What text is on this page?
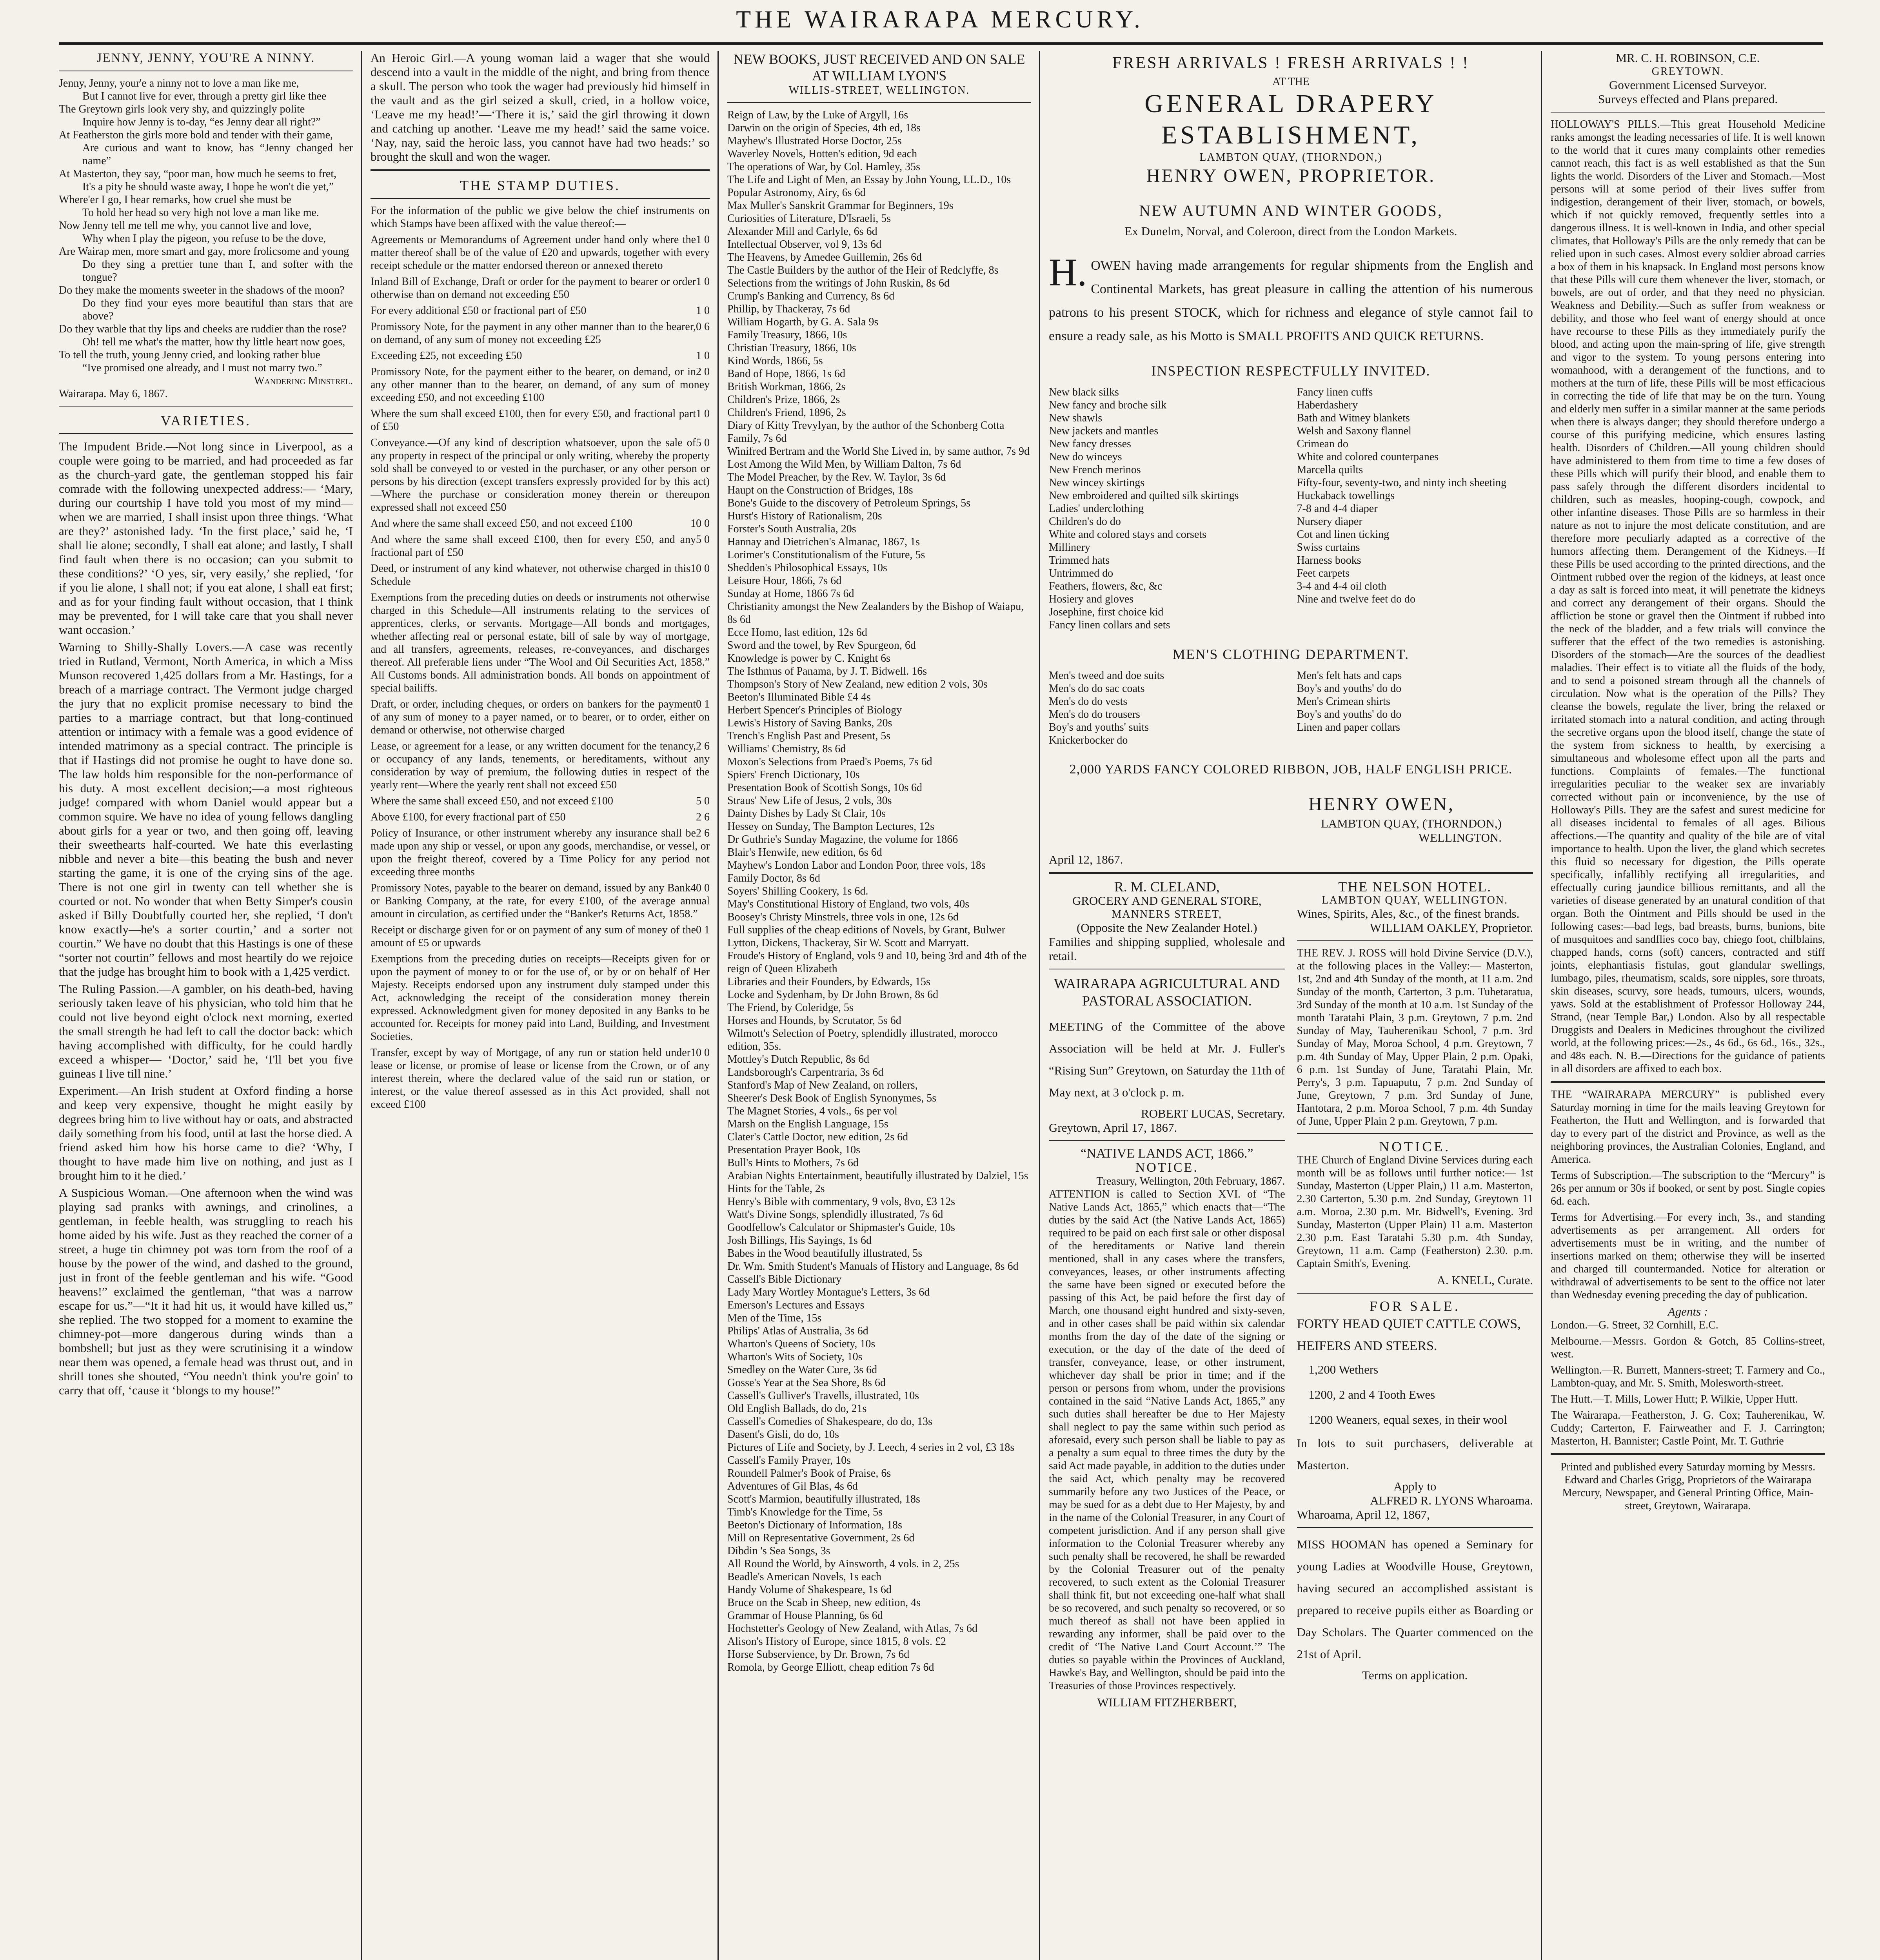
THE WAIRARAPA MERCURY.
JENNY, JENNY, YOU'RE A NINNY.

Jenny, Jenny, your'e a ninny not to love a man like me,

But I cannot live for ever, through a pretty girl like thee

The Greytown girls look very shy, and quizzingly polite

Inquire how Jenny is to-day, “es Jenny dear all right?”

At Featherston the girls more bold and tender with their game,

Are curious and want to know, has “Jenny changed her name”

At Masterton, they say, “poor man, how much he seems to fret,

It's a pity he should waste away, I hope he won't die yet,”

Where'er I go, I hear remarks, how cruel she must be

To hold her head so very high not love a man like me.

Now Jenny tell me tell me why, you cannot live and love,

Why when I play the pigeon, you refuse to be the dove,

Are Wairap men, more smart and gay, more frolicsome and young

Do they sing a prettier tune than I, and softer with the tongue?

Do they make the moments sweeter in the shadows of the moon?

Do they find your eyes more beautiful than stars that are above?

Do they warble that thy lips and cheeks are ruddier than the rose?

Oh! tell me what's the matter, how thy little heart now goes,

To tell the truth, young Jenny cried, and looking rather blue

“Ive promised one already, and I must not marry two.”

Wandering Minstrel.
Wairarapa. May 6, 1867.
VARIETIES.

The Impudent Bride.—Not long since in Liverpool, as a couple were going to be married, and had proceeded as far as the church-yard gate, the gentleman stopped his fair comrade with the following unexpected address:— ‘Mary, during our courtship I have told you most of my mind—when we are married, I shall insist upon three things. ‘What are they?’ astonished lady. ‘In the first place,’ said he, ‘I shall lie alone; secondly, I shall eat alone; and lastly, I shall find fault when there is no occasion; can you submit to these conditions?’ ‘O yes, sir, very easily,’ she replied, ‘for if you lie alone, I shall not; if you eat alone, I shall eat first; and as for your finding fault without occasion, that I think may be prevented, for I will take care that you shall never want occasion.’

Warning to Shilly-Shally Lovers.—A case was recently tried in Rutland, Vermont, North America, in which a Miss Munson recovered 1,425 dollars from a Mr. Hastings, for a breach of a marriage contract. The Vermont judge charged the jury that no explicit promise necessary to bind the parties to a marriage contract, but that long-continued attention or intimacy with a female was a good evidence of intended matrimony as a special contract. The principle is that if Hastings did not promise he ought to have done so. The law holds him responsible for the non-performance of his duty. A most excellent decision;—a most righteous judge! compared with whom Daniel would appear but a common squire. We have no idea of young fellows dangling about girls for a year or two, and then going off, leaving their sweethearts half-courted. We hate this everlasting nibble and never a bite—this beating the bush and never starting the game, it is one of the crying sins of the age. There is not one girl in twenty can tell whether she is courted or not. No wonder that when Betty Simper's cousin asked if Billy Doubtfully courted her, she replied, ‘I don't know exactly—he's a sorter courtin,’ and a sorter not courtin.” We have no doubt that this Hastings is one of these “sorter not courtin” fellows and most heartily do we rejoice that the judge has brought him to book with a 1,425 verdict.

The Ruling Passion.—A gambler, on his death-bed, having seriously taken leave of his physician, who told him that he could not live beyond eight o'clock next morning, exerted the small strength he had left to call the doctor back: which having accomplished with difficulty, for he could hardly exceed a whisper— ‘Doctor,’ said he, ‘I'll bet you five guineas I live till nine.’

Experiment.—An Irish student at Oxford finding a horse and keep very expensive, thought he might easily by degrees bring him to live without hay or oats, and abstracted daily something from his food, until at last the horse died. A friend asked him how his horse came to die? ‘Why, I thought to have made him live on nothing, and just as I brought him to it he died.’

A Suspicious Woman.—One afternoon when the wind was playing sad pranks with awnings, and crinolines, a gentleman, in feeble health, was struggling to reach his home aided by his wife. Just as they reached the corner of a street, a huge tin chimney pot was torn from the roof of a house by the power of the wind, and dashed to the ground, just in front of the feeble gentleman and his wife. “Good heavens!” exclaimed the gentleman, “that was a narrow escape for us.”—“It it had hit us, it would have killed us,” she replied. The two stopped for a moment to examine the chimney-pot—more dangerous during winds than a bombshell; but just as they were scrutinising it a window near them was opened, a female head was thrust out, and in shrill tones she shouted, “You needn't think you're goin' to carry that off, ‘cause it ‘blongs to my house!”

An Heroic Girl.—A young woman laid a wager that she would descend into a vault in the middle of the night, and bring from thence a skull. The person who took the wager had previously hid himself in the vault and as the girl seized a skull, cried, in a hollow voice, ‘Leave me my head!’—‘There it is,’ said the girl throwing it down and catching up another. ‘Leave me my head!’ said the same voice. ‘Nay, nay, said the heroic lass, you cannot have had two heads:’ so brought the skull and won the wager.

THE STAMP DUTIES.

For the information of the public we give below the chief instruments on which Stamps have been affixed with the value thereof:—

1 0
Agreements or Memorandums of Agreement under hand only where the matter thereof shall be of the value of £20 and upwards, together with every receipt schedule or the matter endorsed thereon or annexed thereto

1 0
Inland Bill of Exchange, Draft or order for the payment to bearer or order otherwise than on demand not exceeding £50

1 0
For every additional £50 or fractional part of £50

0 6
Promissory Note, for the payment in any other manner than to the bearer, on demand, of any sum of money not exceeding £25

1 0
Exceeding £25, not exceeding £50

2 0
Promissory Note, for the payment either to the bearer, on demand, or in any other manner than to the bearer, on demand, of any sum of money exceeding £50, and not exceeding £100

1 0
Where the sum shall exceed £100, then for every £50, and fractional part of £50

5 0
Conveyance.—Of any kind of description whatsoever, upon the sale of any property in respect of the principal or only writing, whereby the property sold shall be conveyed to or vested in the purchaser, or any other person or persons by his direction (except transfers expressly provided for by this act)—Where the purchase or consideration money therein or thereupon expressed shall not exceed £50

10 0
And where the same shall exceed £50, and not exceed £100

5 0
And where the same shall exceed £100, then for every £50, and any fractional part of £50

10 0
Deed, or instrument of any kind whatever, not otherwise charged in this Schedule

Exemptions from the preceding duties on deeds or instruments not otherwise charged in this Schedule—All instruments relating to the services of apprentices, clerks, or servants. Mortgage—All bonds and mortgages, whether affecting real or personal estate, bill of sale by way of mortgage, and all transfers, agreements, releases, re-conveyances, and discharges thereof. All preferable liens under “The Wool and Oil Securities Act, 1858.” All Customs bonds. All administration bonds. All bonds on appointment of special bailiffs.

0 1
Draft, or order, including cheques, or orders on bankers for the payment of any sum of money to a payer named, or to bearer, or to order, either on demand or otherwise, not otherwise charged

2 6
Lease, or agreement for a lease, or any written document for the tenancy, or occupancy of any lands, tenements, or hereditaments, without any consideration by way of premium, the following duties in respect of the yearly rent—Where the yearly rent shall not exceed £50

5 0
Where the same shall exceed £50, and not exceed £100

2 6
Above £100, for every fractional part of £50

2 6
Policy of Insurance, or other instrument whereby any insurance shall be made upon any ship or vessel, or upon any goods, merchandise, or vessel, or upon the freight thereof, covered by a Time Policy for any period not exceeding three months

40 0
Promissory Notes, payable to the bearer on demand, issued by any Bank or Banking Company, at the rate, for every £100, of the average annual amount in circulation, as certified under the “Banker's Returns Act, 1858.”

0 1
Receipt or discharge given for or on payment of any sum of money of the amount of £5 or upwards

Exemptions from the preceding duties on receipts—Receipts given for or upon the payment of money to or for the use of, or by or on behalf of Her Majesty. Receipts endorsed upon any instrument duly stamped under this Act, acknowledging the receipt of the consideration money therein expressed. Acknowledgment given for money deposited in any Banks to be accounted for. Receipts for money paid into Land, Building, and Investment Societies.

10 0
Transfer, except by way of Mortgage, of any run or station held under lease or license, or promise of lease or license from the Crown, or of any interest therein, where the declared value of the said run or station, or interest, or the value thereof assessed as in this Act provided, shall not exceed £100

NEW BOOKS, JUST RECEIVED AND ON SALE AT WILLIAM LYON'S
WILLIS-STREET, WELLINGTON.

Reign of Law, by the Luke of Argyll, 16s

Darwin on the origin of Species, 4th ed, 18s

Mayhew's Illustrated Horse Doctor, 25s

Waverley Novels, Hotten's edition, 9d each

The operations of War, by Col. Hamley, 35s

The Life and Light of Men, an Essay by John Young, LL.D., 10s

Popular Astronomy, Airy, 6s 6d

Max Muller's Sanskrit Grammar for Beginners, 19s

Curiosities of Literature, D'Israeli, 5s

Alexander Mill and Carlyle, 6s 6d

Intellectual Observer, vol 9, 13s 6d

The Heavens, by Amedee Guillemin, 26s 6d

The Castle Builders by the author of the Heir of Redclyffe, 8s

Selections from the writings of John Ruskin, 8s 6d

Crump's Banking and Currency, 8s 6d

Phillip, by Thackeray, 7s 6d

William Hogarth, by G. A. Sala 9s

Family Treasury, 1866, 10s

Christian Treasury, 1866, 10s

Kind Words, 1866, 5s

Band of Hope, 1866, 1s 6d

British Workman, 1866, 2s

Children's Prize, 1866, 2s

Children's Friend, 1896, 2s

Diary of Kitty Trevylyan, by the author of the Schonberg Cotta Family, 7s 6d

Winifred Bertram and the World She Lived in, by same author, 7s 9d

Lost Among the Wild Men, by William Dalton, 7s 6d

The Model Preacher, by the Rev. W. Taylor, 3s 6d

Haupt on the Construction of Bridges, 18s

Bone's Guide to the discovery of Petroleum Springs, 5s

Hurst's History of Rationalism, 20s

Forster's South Australia, 20s

Hannay and Dietrichen's Almanac, 1867, 1s

Lorimer's Constitutionalism of the Future, 5s

Shedden's Philosophical Essays, 10s

Leisure Hour, 1866, 7s 6d

Sunday at Home, 1866 7s 6d

Christianity amongst the New Zealanders by the Bishop of Waiapu, 8s 6d

Ecce Homo, last edition, 12s 6d

Sword and the towel, by Rev Spurgeon, 6d

Knowledge is power by C. Knight 6s

The Isthmus of Panama, by J. T. Bidwell. 16s

Thompson's Story of New Zealand, new edition 2 vols, 30s

Beeton's Illuminated Bible £4 4s

Herbert Spencer's Principles of Biology

Lewis's History of Saving Banks, 20s

Trench's English Past and Present, 5s

Williams' Chemistry, 8s 6d

Moxon's Selections from Praed's Poems, 7s 6d

Spiers' French Dictionary, 10s

Presentation Book of Scottish Songs, 10s 6d

Straus' New Life of Jesus, 2 vols, 30s

Dainty Dishes by Lady St Clair, 10s

Hessey on Sunday, The Bampton Lectures, 12s

Dr Guthrie's Sunday Magazine, the volume for 1866

Blair's Henwife, new edition, 6s 6d

Mayhew's London Labor and London Poor, three vols, 18s

Family Doctor, 8s 6d

Soyers' Shilling Cookery, 1s 6d.

May's Constitutional History of England, two vols, 40s

Boosey's Christy Minstrels, three vols in one, 12s 6d

Full supplies of the cheap editions of Novels, by Grant, Bulwer Lytton, Dickens, Thackeray, Sir W. Scott and Marryatt.

Froude's History of England, vols 9 and 10, being 3rd and 4th of the reign of Queen Elizabeth

Libraries and their Founders, by Edwards, 15s

Locke and Sydenham, by Dr John Brown, 8s 6d

The Friend, by Coleridge, 5s

Horses and Hounds, by Scrutator, 5s 6d

Wilmott's Selection of Poetry, splendidly illustrated, morocco edition, 35s.

Mottley's Dutch Republic, 8s 6d

Landsborough's Carpentraria, 3s 6d

Stanford's Map of New Zealand, on rollers,

Sheerer's Desk Book of English Synonymes, 5s

The Magnet Stories, 4 vols., 6s per vol

Marsh on the English Language, 15s

Clater's Cattle Doctor, new edition, 2s 6d

Presentation Prayer Book, 10s

Bull's Hints to Mothers, 7s 6d

Arabian Nights Entertainment, beautifully illustrated by Dalziel, 15s

Hints for the Table, 2s

Henry's Bible with commentary, 9 vols, 8vo, £3 12s

Watt's Divine Songs, splendidly illustrated, 7s 6d

Goodfellow's Calculator or Shipmaster's Guide, 10s

Josh Billings, His Sayings, 1s 6d

Babes in the Wood beautifully illustrated, 5s

Dr. Wm. Smith Student's Manuals of History and Language, 8s 6d

Cassell's Bible Dictionary

Lady Mary Wortley Montague's Letters, 3s 6d

Emerson's Lectures and Essays

Men of the Time, 15s

Philips' Atlas of Australia, 3s 6d

Wharton's Queens of Society, 10s

Wharton's Wits of Society, 10s

Smedley on the Water Cure, 3s 6d

Gosse's Year at the Sea Shore, 8s 6d

Cassell's Gulliver's Travells, illustrated, 10s

Old English Ballads, do do, 21s

Cassell's Comedies of Shakespeare, do do, 13s

Dasent's Gisli, do do, 10s

Pictures of Life and Society, by J. Leech, 4 series in 2 vol, £3 18s

Cassell's Family Prayer, 10s

Roundell Palmer's Book of Praise, 6s

Adventures of Gil Blas, 4s 6d

Scott's Marmion, beautifully illustrated, 18s

Timb's Knowledge for the Time, 5s

Beeton's Dictionary of Information, 18s

Mill on Representative Government, 2s 6d

Dibdin 's Sea Songs, 3s

All Round the World, by Ainsworth, 4 vols. in 2, 25s

Beadle's American Novels, 1s each

Handy Volume of Shakespeare, 1s 6d

Bruce on the Scab in Sheep, new edition, 4s

Grammar of House Planning, 6s 6d

Hochstetter's Geology of New Zealand, with Atlas, 7s 6d

Alison's History of Europe, since 1815, 8 vols. £2

Horse Subservience, by Dr. Brown, 7s 6d

Romola, by George Elliott, cheap edition 7s 6d

FRESH ARRIVALS ! FRESH ARRIVALS ! !
AT THE
GENERAL DRAPERY ESTABLISHMENT,
LAMBTON QUAY, (THORNDON,)
HENRY OWEN, PROPRIETOR.
NEW AUTUMN AND WINTER GOODS,
Ex Dunelm, Norval, and Coleroon, direct from the London Markets.

H. OWEN having made arrangements for regular shipments from the English and Continental Markets, has great pleasure in calling the attention of his numerous patrons to his present STOCK, which for richness and elegance of style cannot fail to ensure a ready sale, as his Motto is SMALL PROFITS AND QUICK RETURNS.

INSPECTION RESPECTFULLY INVITED.

New black silks

New fancy and broche silk

New shawls

New jackets and mantles

New fancy dresses

New do winceys

New French merinos

New wincey skirtings

New embroidered and quilted silk skirtings

Ladies' underclothing

Children's do do

White and colored stays and corsets

Millinery

Trimmed hats

Untrimmed do

Feathers, flowers, &c, &c

Hosiery and gloves

Josephine, first choice kid

Fancy linen collars and sets

Fancy linen cuffs

Haberdashery

Bath and Witney blankets

Welsh and Saxony flannel

Crimean do

White and colored counterpanes

Marcella quilts

Fifty-four, seventy-two, and ninty inch sheeting

Huckaback towellings

7-8 and 4-4 diaper

Nursery diaper

Cot and linen ticking

Swiss curtains

Harness books

Feet carpets

3-4 and 4-4 oil cloth

Nine and twelve feet do do

MEN'S CLOTHING DEPARTMENT.

Men's tweed and doe suits

Men's do do sac coats

Men's do do vests

Men's do do trousers

Boy's and youths' suits

Knickerbocker do

Men's felt hats and caps

Boy's and youths' do do

Men's Crimean shirts

Boy's and youths' do do

Linen and paper collars

2,000 YARDS FANCY COLORED RIBBON, JOB, HALF ENGLISH PRICE.
HENRY OWEN,
LAMBTON QUAY, (THORNDON,)
WELLINGTON.
April 12, 1867.
R. M. CLELAND,
GROCERY AND GENERAL STORE,
MANNERS STREET,
(Opposite the New Zealander Hotel.)

Families and shipping supplied, wholesale and retail.

WAIRARAPA AGRICULTURAL AND PASTORAL ASSOCIATION.

MEETING of the Committee of the above Association will be held at Mr. J. Fuller's “Rising Sun” Greytown, on Saturday the 11th of May next, at 3 o'clock p. m.

ROBERT LUCAS, Secretary.
Greytown, April 17, 1867.
“NATIVE LANDS ACT, 1866.”
NOTICE.
Treasury, Wellington, 20th February, 1867.

ATTENTION is called to Section XVI. of “The Native Lands Act, 1865,” which enacts that—“The duties by the said Act (the Native Lands Act, 1865) required to be paid on each first sale or other disposal of the hereditaments or Native land therein mentioned, shall in any cases where the transfers, conveyances, leases, or other instruments affecting the same have been signed or executed before the passing of this Act, be paid before the first day of March, one thousand eight hundred and sixty-seven, and in other cases shall be paid within six calendar months from the day of the date of the signing or execution, or the day of the date of the deed of transfer, conveyance, lease, or other instrument, whichever day shall be prior in time; and if the person or persons from whom, under the provisions contained in the said “Native Lands Act, 1865,” any such duties shall hereafter be due to Her Majesty shall neglect to pay the same within such period as aforesaid, every such person shall be liable to pay as a penalty a sum equal to three times the duty by the said Act made payable, in addition to the duties under the said Act, which penalty may be recovered summarily before any two Justices of the Peace, or may be sued for as a debt due to Her Majesty, by and in the name of the Colonial Treasurer, in any Court of competent jurisdiction. And if any person shall give information to the Colonial Treasurer whereby any such penalty shall be recovered, he shall be rewarded by the Colonial Treasurer out of the penalty recovered, to such extent as the Colonial Treasurer shall think fit, but not exceeding one-half what shall be so recovered, and such penalty so recovered, or so much thereof as shall not have been applied in rewarding any informer, shall be paid over to the credit of ‘The Native Land Court Account.’” The duties so payable within the Provinces of Auckland, Hawke's Bay, and Wellington, should be paid into the Treasuries of those Provinces respectively.

WILLIAM FITZHERBERT,
THE NELSON HOTEL.
LAMBTON QUAY, WELLINGTON.
Wines, Spirits, Ales, &c., of the finest brands.
WILLIAM OAKLEY, Proprietor.

THE REV. J. ROSS will hold Divine Service (D.V.), at the following places in the Valley:— Masterton, 1st, 2nd and 4th Sunday of the month, at 11 a.m. 2nd Sunday of the month, Carterton, 3 p.m. Tuhetaratua, 3rd Sunday of the month at 10 a.m. 1st Sunday of the month Taratahi Plain, 3 p.m. Greytown, 7 p.m. 2nd Sunday of May, Tauherenikau School, 7 p.m. 3rd Sunday of May, Moroa School, 4 p.m. Greytown, 7 p.m. 4th Sunday of May, Upper Plain, 2 p.m. Opaki, 6 p.m. 1st Sunday of June, Taratahi Plain, Mr. Perry's, 3 p.m. Tapuaputu, 7 p.m. 2nd Sunday of June, Greytown, 7 p.m. 3rd Sunday of June, Hantotara, 2 p.m. Moroa School, 7 p.m. 4th Sunday of June, Upper Plain 2 p.m. Greytown, 7 p.m.

NOTICE.

THE Church of England Divine Services during each month will be as follows until further notice:— 1st Sunday, Masterton (Upper Plain,) 11 a.m. Masterton, 2.30 Carterton, 5.30 p.m. 2nd Sunday, Greytown 11 a.m. Moroa, 2.30 p.m. Mr. Bidwell's, Evening. 3rd Sunday, Masterton (Upper Plain) 11 a.m. Masterton 2.30 p.m. East Taratahi 5.30 p.m. 4th Sunday, Greytown, 11 a.m. Camp (Featherston) 2.30. p.m. Captain Smith's, Evening.

A. KNELL, Curate.
FOR SALE.
FORTY HEAD QUIET CATTLE COWS, HEIFERS AND STEERS.
1,200 Wethers
1200, 2 and 4 Tooth Ewes
1200 Weaners, equal sexes, in their wool

In lots to suit purchasers, deliverable at Masterton.

Apply to
ALFRED R. LYONS Wharoama.
Wharoama, April 12, 1867,

MISS HOOMAN has opened a Seminary for young Ladies at Woodville House, Greytown, having secured an accomplished assistant is prepared to receive pupils either as Boarding or Day Scholars. The Quarter commenced on the 21st of April.

Terms on application.
MR. C. H. ROBINSON, C.E.
GREYTOWN.
Government Licensed Surveyor.
Surveys effected and Plans prepared.

HOLLOWAY'S PILLS.—This great Household Medicine ranks amongst the leading necessaries of life. It is well known to the world that it cures many complaints other remedies cannot reach, this fact is as well established as that the Sun lights the world. Disorders of the Liver and Stomach.—Most persons will at some period of their lives suffer from indigestion, derangement of their liver, stomach, or bowels, which if not quickly removed, frequently settles into a dangerous illness. It is well-known in India, and other special climates, that Holloway's Pills are the only remedy that can be relied upon in such cases. Almost every soldier abroad carries a box of them in his knapsack. In England most persons know that these Pills will cure them whenever the liver, stomach, or bowels, are out of order, and that they need no physician. Weakness and Debility.—Such as suffer from weakness or debility, and those who feel want of energy should at once have recourse to these Pills as they immediately purify the blood, and acting upon the main-spring of life, give strength and vigor to the system. To young persons entering into womanhood, with a derangement of the functions, and to mothers at the turn of life, these Pills will be most efficacious in correcting the tide of life that may be on the turn. Young and elderly men suffer in a similar manner at the same periods when there is always danger; they should therefore undergo a course of this purifying medicine, which ensures lasting health. Disorders of Children.—All young children should have administered to them from time to time a few doses of these Pills which will purify their blood, and enable them to pass safely through the different disorders incidental to children, such as measles, hooping-cough, cowpock, and other infantine diseases. Those Pills are so harmless in their nature as not to injure the most delicate constitution, and are therefore more peculiarly adapted as a corrective of the humors affecting them. Derangement of the Kidneys.—If these Pills be used according to the printed directions, and the Ointment rubbed over the region of the kidneys, at least once a day as salt is forced into meat, it will penetrate the kidneys and correct any derangement of their organs. Should the affliction be stone or gravel then the Ointment if rubbed into the neck of the bladder, and a few trials will convince the sufferer that the effect of the two remedies is astonishing. Disorders of the stomach—Are the sources of the deadliest maladies. Their effect is to vitiate all the fluids of the body, and to send a poisoned stream through all the channels of circulation. Now what is the operation of the Pills? They cleanse the bowels, regulate the liver, bring the relaxed or irritated stomach into a natural condition, and acting through the secretive organs upon the blood itself, change the state of the system from sickness to health, by exercising a simultaneous and wholesome effect upon all the parts and functions. Complaints of females.—The functional irregularities peculiar to the weaker sex are invariably corrected without pain or inconvenience, by the use of Holloway's Pills. They are the safest and surest medicine for all diseases incidental to females of all ages. Bilious affections.—The quantity and quality of the bile are of vital importance to health. Upon the liver, the gland which secretes this fluid so necessary for digestion, the Pills operate specifically, infallibly rectifying all irregularities, and effectually curing jaundice billious remittants, and all the varieties of disease generated by an unatural condition of that organ. Both the Ointment and Pills should be used in the following cases:—bad legs, bad breasts, burns, bunions, bite of musquitoes and sandflies coco bay, chiego foot, chilblains, chapped hands, corns (soft) cancers, contracted and stiff joints, elephantiasis fistulas, gout glandular swellings, lumbago, piles, rheumatism, scalds, sore nipples, sore throats, skin diseases, scurvy, sore heads, tumours, ulcers, wounds, yaws. Sold at the establishment of Professor Holloway 244, Strand, (near Temple Bar,) London. Also by all respectable Druggists and Dealers in Medicines throughout the civilized world, at the following prices:—2s., 4s 6d., 6s 6d., 16s., 32s., and 48s each. N. B.—Directions for the guidance of patients in all disorders are affixed to each box.

THE “WAIRARAPA MERCURY” is published every Saturday morning in time for the mails leaving Greytown for Featherton, the Hutt and Wellington, and is forwarded that day to every part of the district and Province, as well as the neighboring provinces, the Australian Colonies, England, and America.

Terms of Subscription.—The subscription to the “Mercury” is 26s per annum or 30s if booked, or sent by post. Single copies 6d. each.

Terms for Advertising.—For every inch, 3s., and standing advertisements as per arrangement. All orders for advertisements must be in writing, and the number of insertions marked on them; otherwise they will be inserted and charged till countermanded. Notice for alteration or withdrawal of advertisements to be sent to the office not later than Wednesday evening preceding the day of publication.

Agents :

London.—G. Street, 32 Cornhill, E.C.

Melbourne.—Messrs. Gordon & Gotch, 85 Collins-street, west.

Wellington.—R. Burrett, Manners-street; T. Farmery and Co., Lambton-quay, and Mr. S. Smith, Molesworth-street.

The Hutt.—T. Mills, Lower Hutt; P. Wilkie, Upper Hutt.

The Wairarapa.—Featherston, J. G. Cox; Tauherenikau, W. Cuddy; Carterton, F. Fairweather and F. J. Carrington; Masterton, H. Bannister; Castle Point, Mr. T. Guthrie

Printed and published every Saturday morning by Messrs. Edward and Charles Grigg, Proprietors of the Wairarapa Mercury, Newspaper, and General Printing Office, Main-street, Greytown, Wairarapa.
